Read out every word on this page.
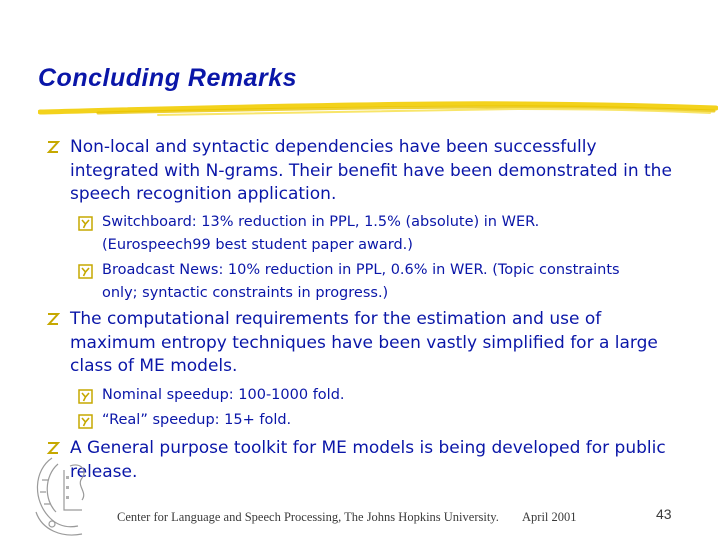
Concluding Remarks
Non-local and syntactic dependencies have been successfully integrated with N-grams. Their benefit have been demonstrated in the speech recognition application.
Switchboard: 13% reduction in PPL, 1.5% (absolute) in WER. (Eurospeech99 best student paper award.)
Broadcast News: 10% reduction in PPL, 0.6% in WER. (Topic constraints only; syntactic constraints in progress.)
The computational requirements for the estimation and use of maximum entropy techniques have been vastly simplified for a large class of ME models.
Nominal speedup: 100-1000 fold.
“Real” speedup: 15+ fold.
A General purpose toolkit for ME models is being developed for public release.
Center for Language and Speech Processing, The Johns Hopkins University. April 2001	43
